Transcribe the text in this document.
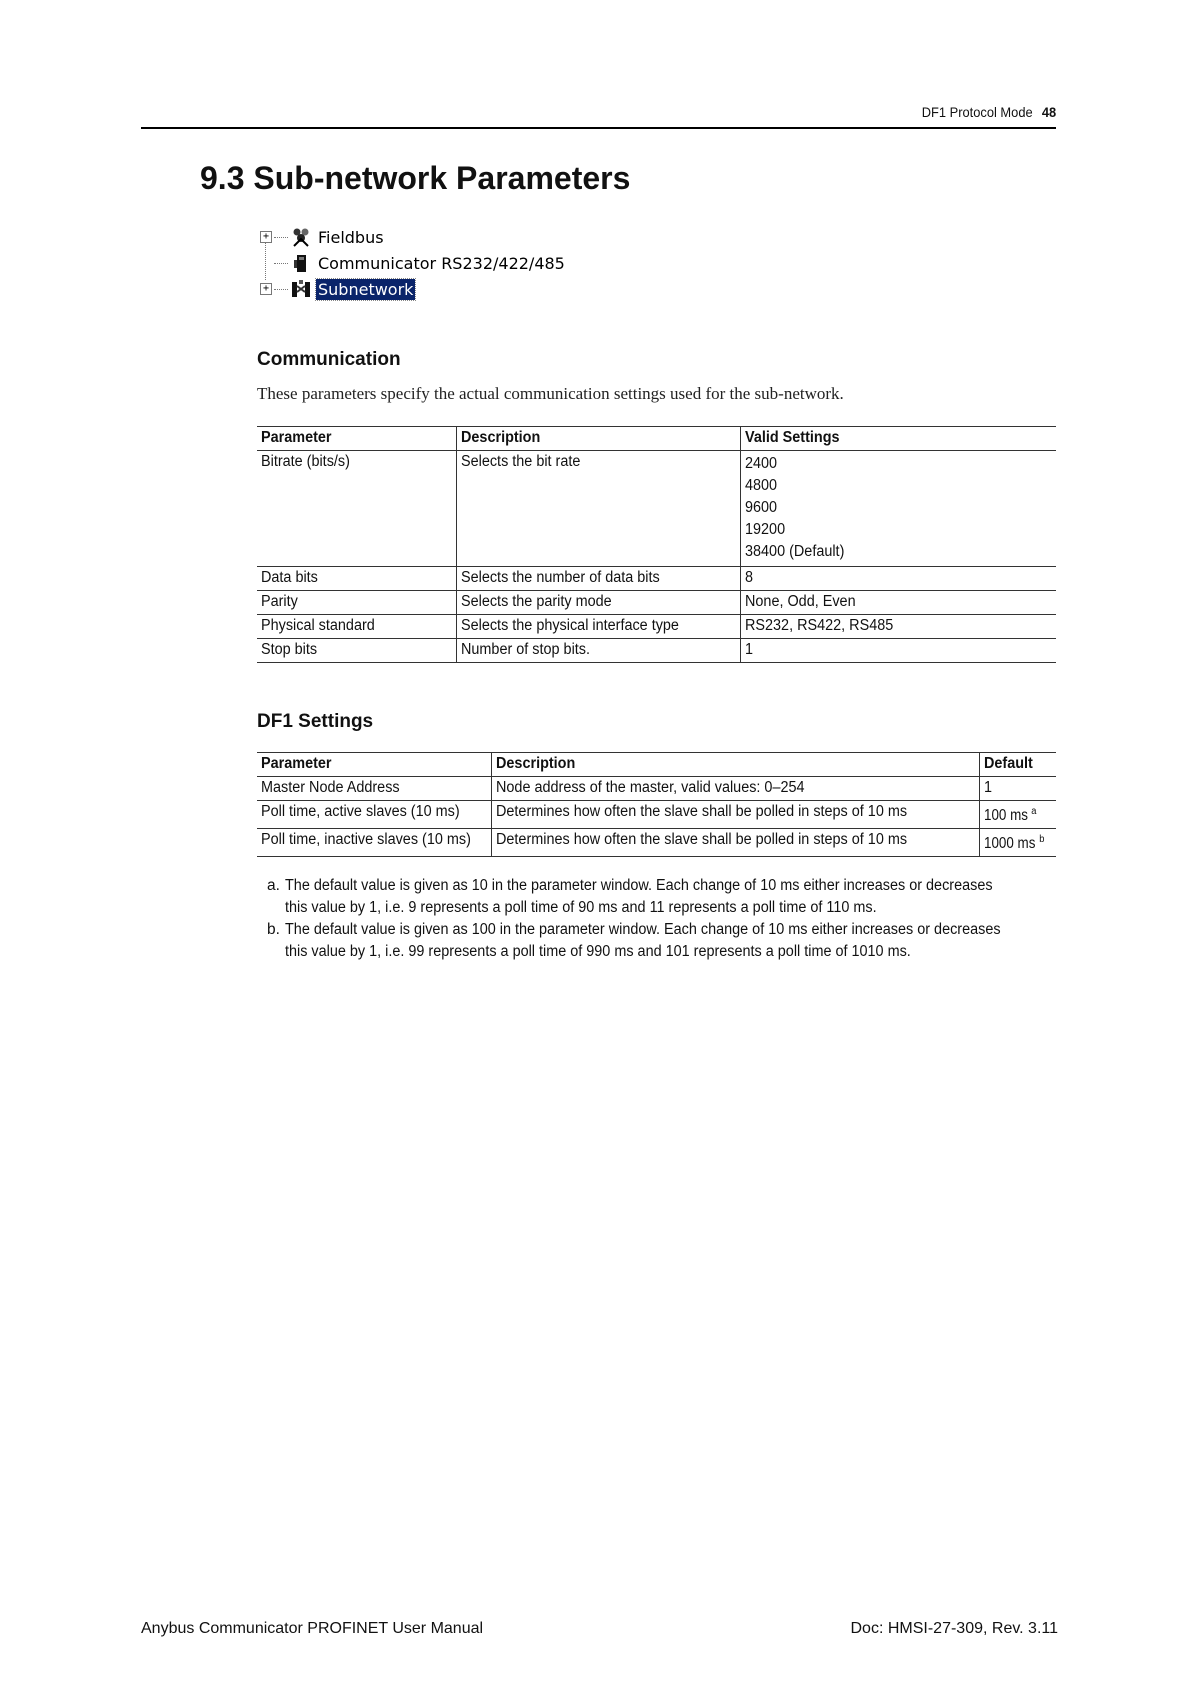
DF1 Protocol Mode 48
9.3 Sub-network Parameters
+	Fieldbus
Communicator RS232/422/485
+	Subnetwork
Communication

These parameters specify the actual communication settings used for the sub-network.

Parameter	Description	Valid Settings
Bitrate (bits/s)	Selects the bit rate	2400
4800
9600
19200
38400 (Default)

Data bits	Selects the number of data bits	8
Parity	Selects the parity mode	None, Odd, Even
Physical standard	Selects the physical interface type	RS232, RS422, RS485
Stop bits	Number of stop bits.	1
DF1 Settings
Parameter	Description	Default
Master Node Address	Node address of the master, valid values: 0–254	1
Poll time, active slaves (10 ms)	Determines how often the slave shall be polled in steps of 10 ms	100 ms $^a$
Poll time, inactive slaves (10 ms)	Determines how often the slave shall be polled in steps of 10 ms	1000 ms $^b$
a. The default value is given as 10 in the parameter window. Each change of 10 ms either increases or decreases this value by 1, i.e. 9 represents a poll time of 90 ms and 11 represents a poll time of 110 ms.
b. The default value is given as 100 in the parameter window. Each change of 10 ms either increases or decreases this value by 1, i.e. 99 represents a poll time of 990 ms and 101 represents a poll time of 1010 ms.
Anybus Communicator PROFINET User Manual	Doc: HMSI-27-309, Rev. 3.11
